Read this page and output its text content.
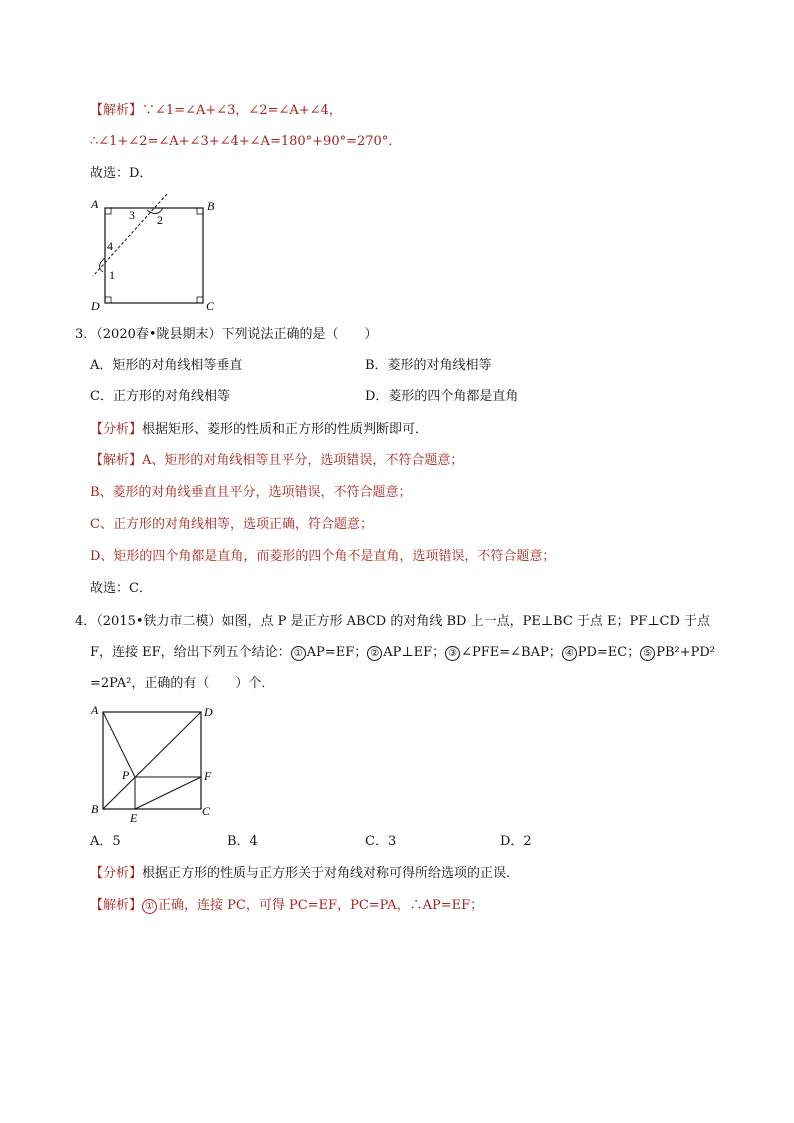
【解析】∵∠1=∠A+∠3，∠2=∠A+∠4，
∴∠1+∠2=∠A+∠3+∠4+∠A=180°+90°=270°．
故选：D．
A	B
C
D
3 2
4
1
3．（2020春•陇县期末）下列说法正确的是（　　）
A．矩形的对角线相等垂直	B．菱形的对角线相等
C．正方形的对角线相等	D．菱形的四个角都是直角
【分析】根据矩形、菱形的性质和正方形的性质判断即可．
【解析】A、矩形的对角线相等且平分，选项错误，不符合题意；
B、菱形的对角线垂直且平分，选项错误，不符合题意；
C、正方形的对角线相等，选项正确，符合题意；
D、矩形的四个角都是直角，而菱形的四个角不是直角，选项错误，不符合题意；
故选：C．
4．（2015•铁力市二模）如图，点 P 是正方形 ABCD 的对角线 BD 上一点，PE⊥BC 于点 E；PF⊥CD 于点
F，连接 EF，给出下列五个结论： ① AP=EF； ② AP⊥EF； ③ ∠PFE=∠BAP； ④ PD=EC； ⑤ PB²+PD²
=2PA²，正确的有（　　）个．
A	D
B	C
P	F
E
A．5	B．4	C．3	D．2
【分析】根据正方形的性质与正方形关于对角线对称可得所给选项的正误．
【解析】 ① 正确，连接 PC，可得 PC=EF，PC=PA，∴AP=EF；
